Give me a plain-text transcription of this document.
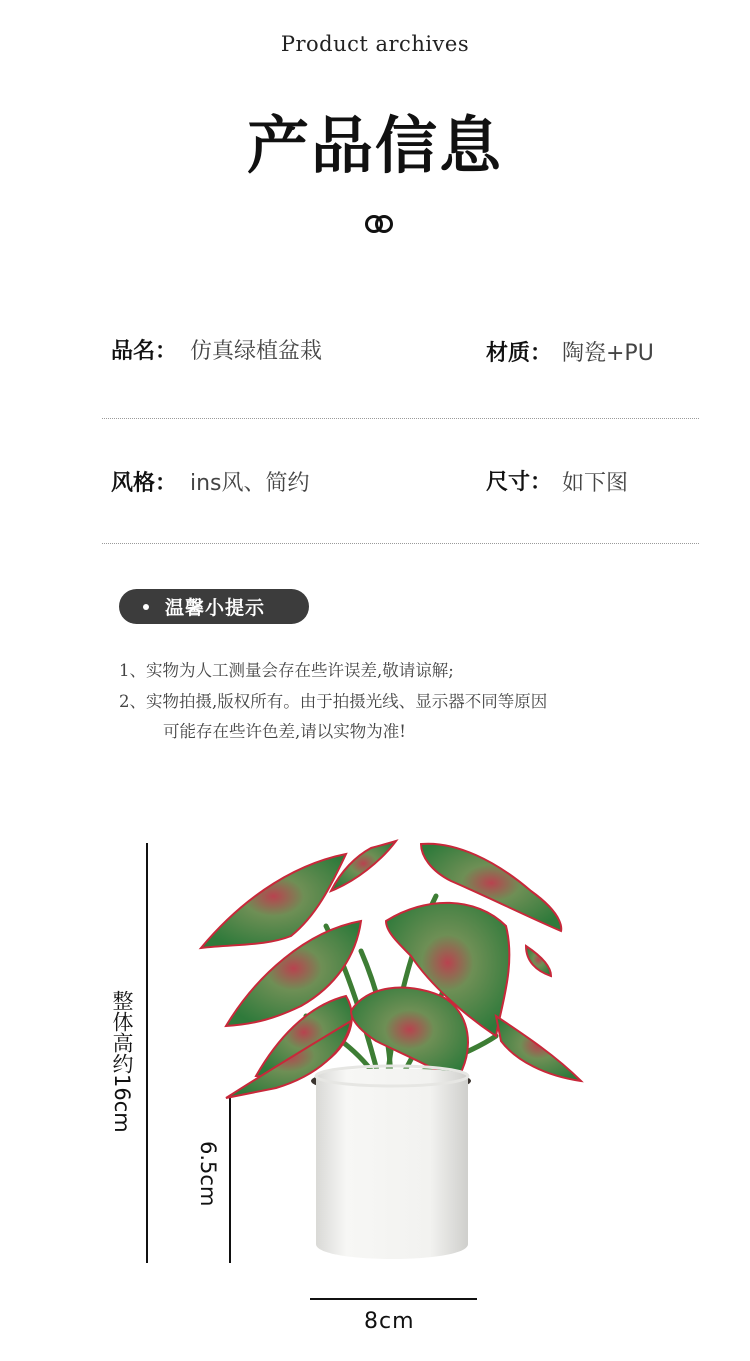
Product archives
产品信息
品名： 仿真绿植盆栽	材质： 陶瓷+PU
风格： ins风、简约	尺寸： 如下图
温馨小提示
1、实物为人工测量会存在些许误差,敬请谅解;
2、实物拍摄,版权所有。由于拍摄光线、显示器不同等原因
可能存在些许色差,请以实物为准!
整体高约16cm
6.5cm
8cm
